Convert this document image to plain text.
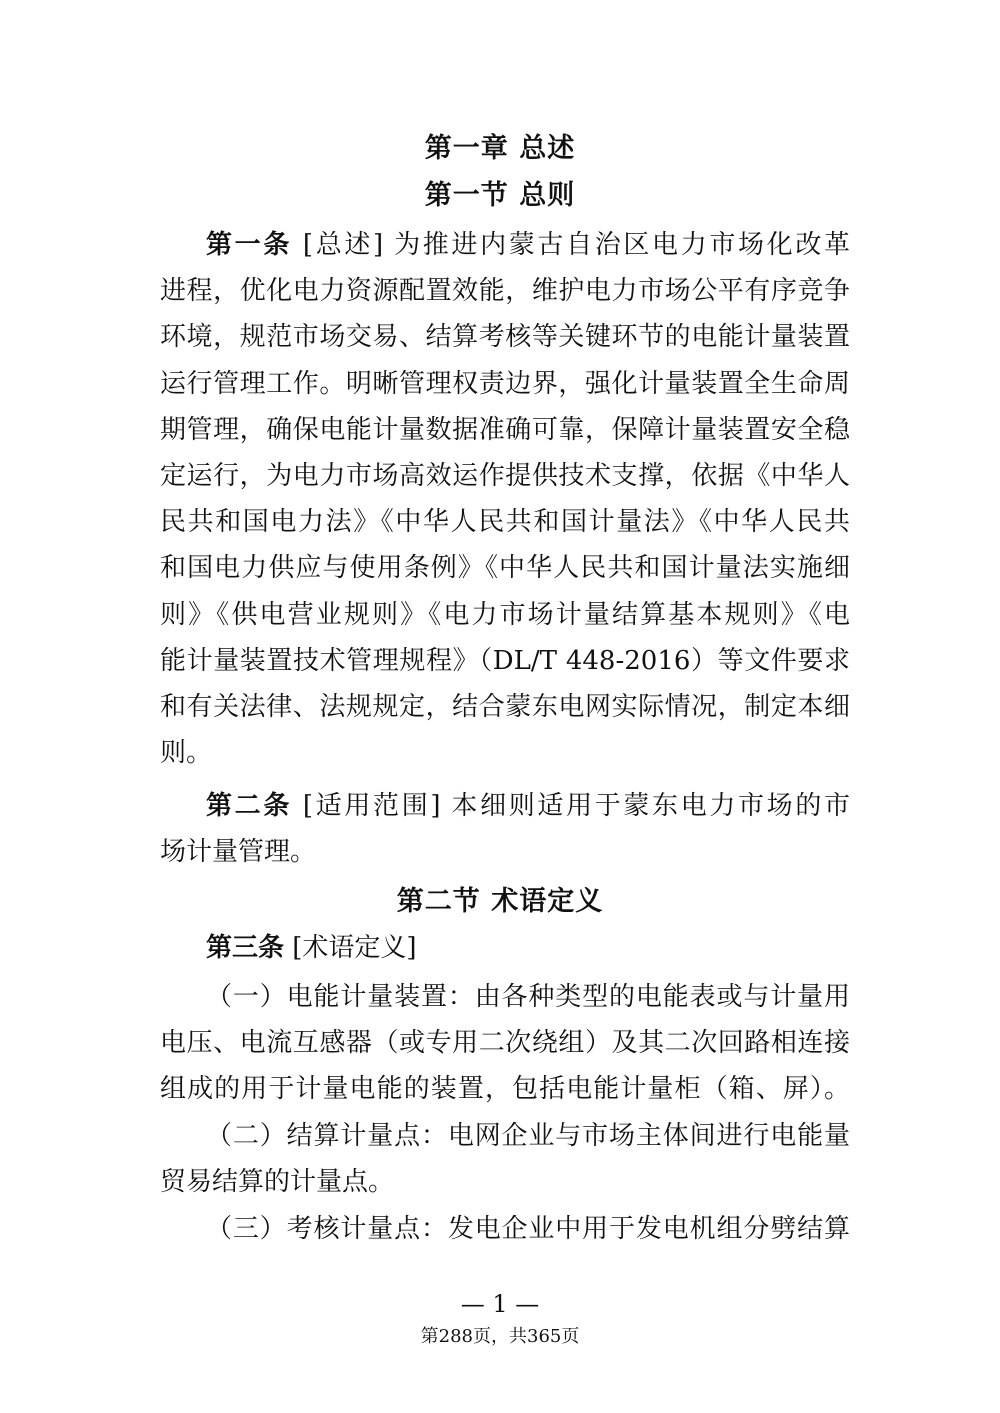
第一章 总述
第一节 总则
第一条 [总述] 为推进内蒙古自治区电力市场化改革
进程，优化电力资源配置效能，维护电力市场公平有序竞争
环境，规范市场交易、结算考核等关键环节的电能计量装置
运行管理工作。明晰管理权责边界，强化计量装置全生命周
期管理，确保电能计量数据准确可靠，保障计量装置安全稳
定运行，为电力市场高效运作提供技术支撑，依据《中华人
民共和国电力法》《中华人民共和国计量法》《中华人民共
和国电力供应与使用条例》《中华人民共和国计量法实施细
则》《供电营业规则》《电力市场计量结算基本规则》《电
能计量装置技术管理规程》（DL/T 448-2016）等文件要求
和有关法律、法规规定，结合蒙东电网实际情况，制定本细
则。
第二条 [适用范围] 本细则适用于蒙东电力市场的市
场计量管理。
第二节 术语定义
第三条 [术语定义]
（一）电能计量装置：由各种类型的电能表或与计量用
电压、电流互感器（或专用二次绕组）及其二次回路相连接
组成的用于计量电能的装置，包括电能计量柜（箱、屏）。
（二）结算计量点：电网企业与市场主体间进行电能量
贸易结算的计量点。
（三）考核计量点：发电企业中用于发电机组分劈结算
— 1 —
第288页，共365页
